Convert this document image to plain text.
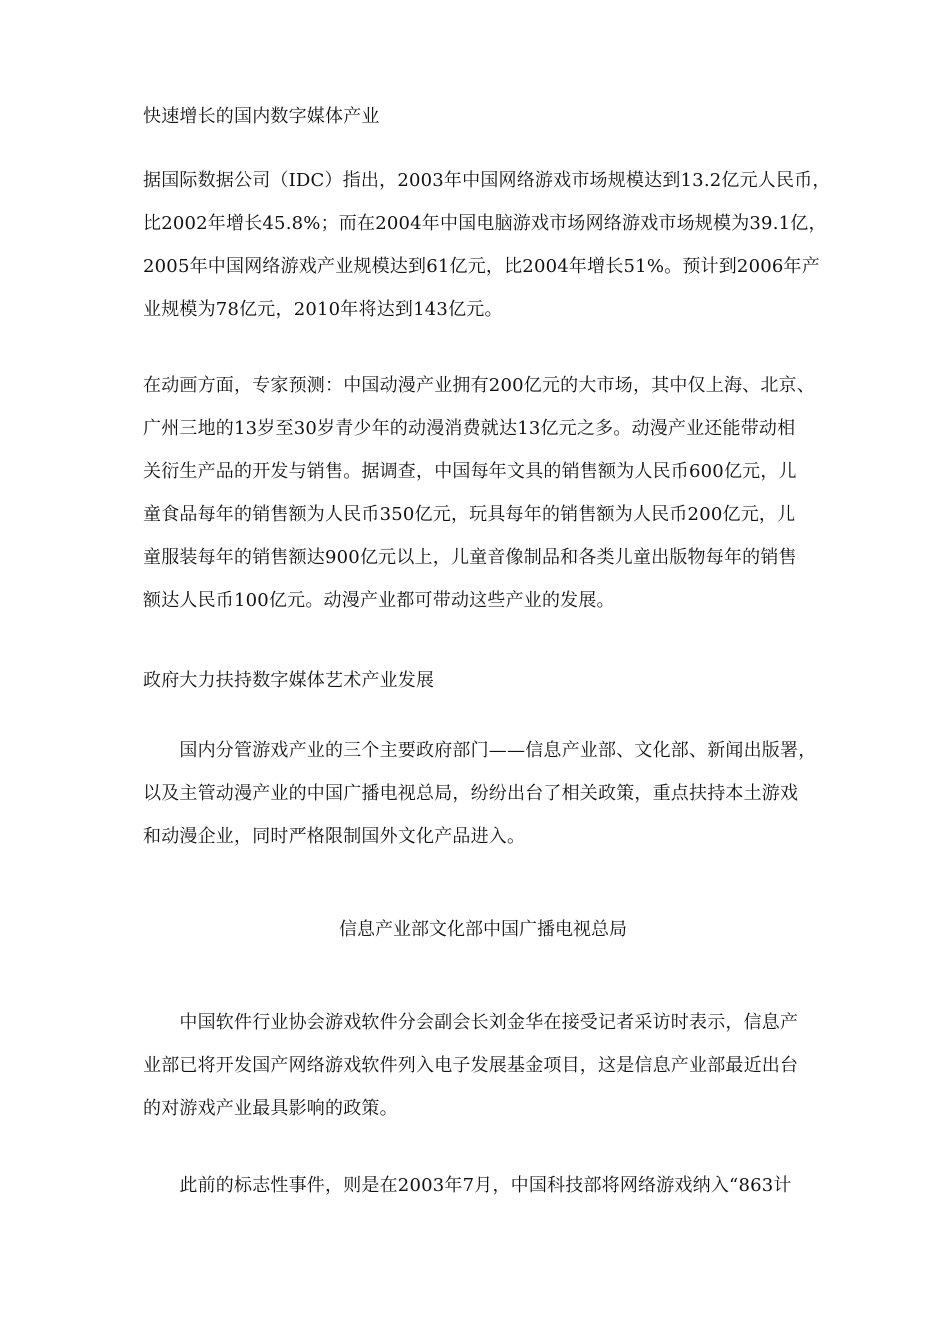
快速增长的国内数字媒体产业
据国际数据公司（IDC）指出，2003年中国网络游戏市场规模达到13.2亿元人民币，
比2002年增长45.8%；而在2004年中国电脑游戏市场网络游戏市场规模为39.1亿，
2005年中国网络游戏产业规模达到61亿元，比2004年增长51%。预计到2006年产
业规模为78亿元，2010年将达到143亿元。
在动画方面，专家预测：中国动漫产业拥有200亿元的大市场，其中仅上海、北京、
广州三地的13岁至30岁青少年的动漫消费就达13亿元之多。动漫产业还能带动相
关衍生产品的开发与销售。据调查，中国每年文具的销售额为人民币600亿元，儿
童食品每年的销售额为人民币350亿元，玩具每年的销售额为人民币200亿元，儿
童服装每年的销售额达900亿元以上，儿童音像制品和各类儿童出版物每年的销售
额达人民币100亿元。动漫产业都可带动这些产业的发展。
政府大力扶持数字媒体艺术产业发展
　　国内分管游戏产业的三个主要政府部门——信息产业部、文化部、新闻出版署，
以及主管动漫产业的中国广播电视总局，纷纷出台了相关政策，重点扶持本土游戏
和动漫企业，同时严格限制国外文化产品进入。
信息产业部文化部中国广播电视总局
　　中国软件行业协会游戏软件分会副会长刘金华在接受记者采访时表示，信息产
业部已将开发国产网络游戏软件列入电子发展基金项目，这是信息产业部最近出台
的对游戏产业最具影响的政策。
　　此前的标志性事件，则是在2003年7月，中国科技部将网络游戏纳入“863计
